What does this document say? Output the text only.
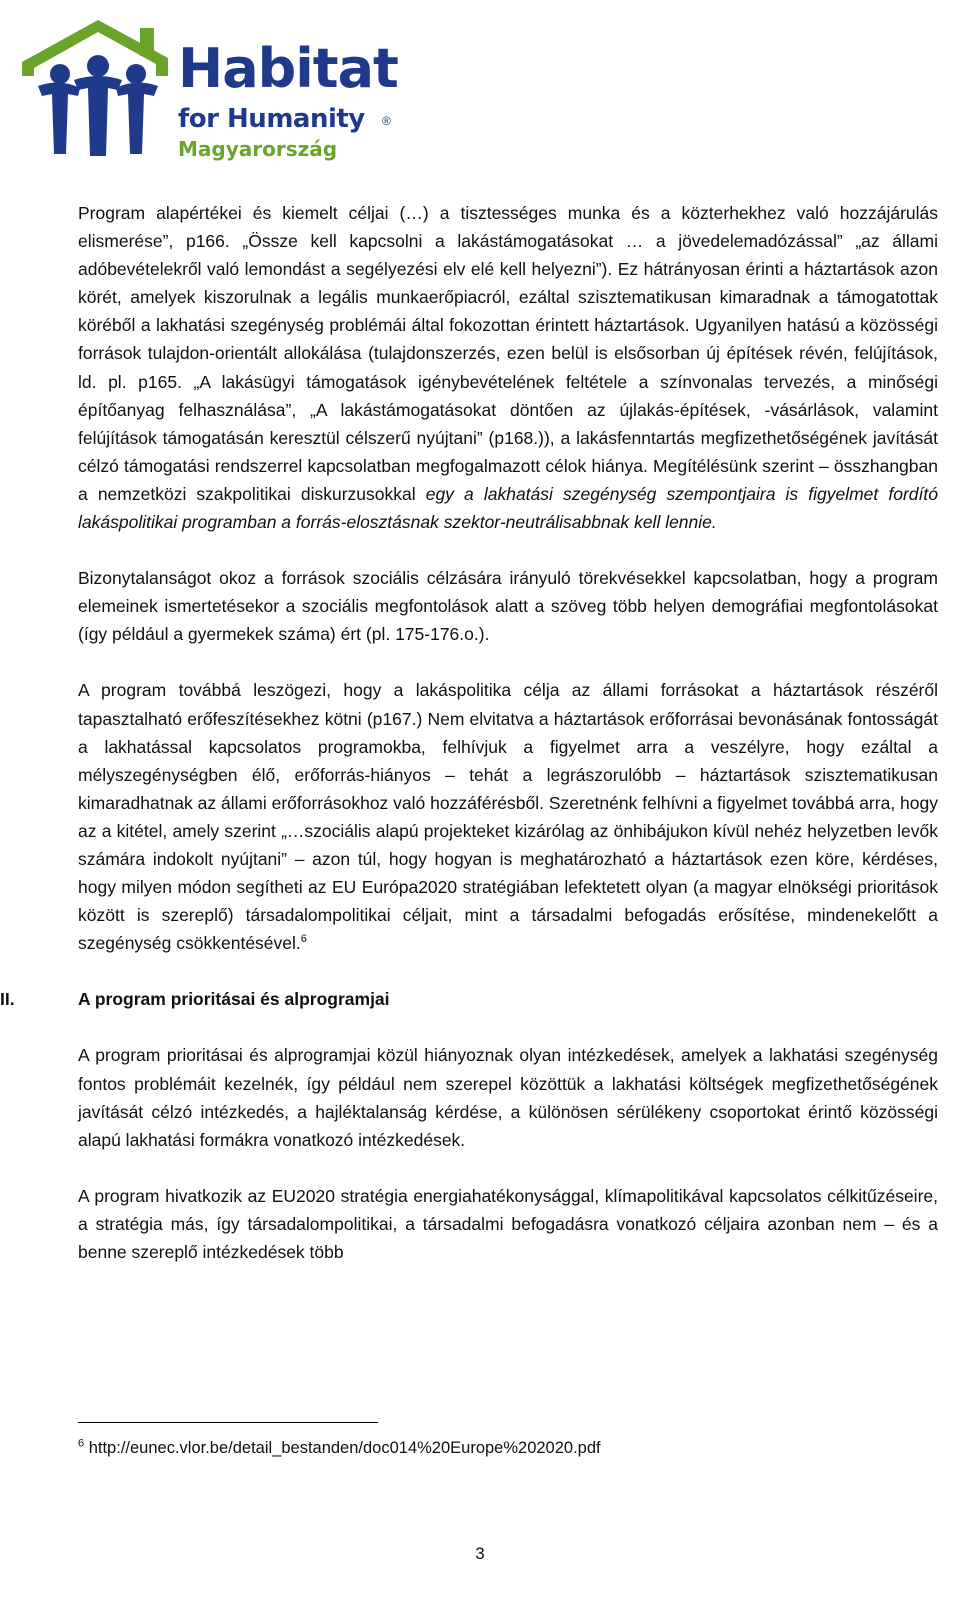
Habitat
for Humanity ®
Magyarország

Program alapértékei és kiemelt céljai (…) a tisztességes munka és a közterhekhez való hozzájárulás elismerése”, p166. „Össze kell kapcsolni a lakástámogatásokat … a jövedelemadózással” „az állami adóbevételekről való lemondást a segélyezési elv elé kell helyezni”). Ez hátrányosan érinti a háztartások azon körét, amelyek kiszorulnak a legális munkaerőpiacról, ezáltal szisztematikusan kimaradnak a támogatottak köréből a lakhatási szegénység problémái által fokozottan érintett háztartások. Ugyanilyen hatású a közösségi források tulajdon-orientált allokálása (tulajdonszerzés, ezen belül is elsősorban új építések révén, felújítások, ld. pl. p165. „A lakásügyi támogatások igénybevételének feltétele a színvonalas tervezés, a minőségi építőanyag felhasználása”, „A lakástámogatásokat döntően az újlakás-építések, -vásárlások, valamint felújítások támogatásán keresztül célszerű nyújtani” (p168.)), a lakásfenntartás megfizethetőségének javítását célzó támogatási rendszerrel kapcsolatban megfogalmazott célok hiánya. Megítélésünk szerint – összhangban a nemzetközi szakpolitikai diskurzusokkal egy a lakhatási szegénység szempontjaira is figyelmet fordító lakáspolitikai programban a forrás-elosztásnak szektor-neutrálisabbnak kell lennie.

Bizonytalanságot okoz a források szociális célzására irányuló törekvésekkel kapcsolatban, hogy a program elemeinek ismertetésekor a szociális megfontolások alatt a szöveg több helyen demográfiai megfontolásokat (így például a gyermekek száma) ért (pl. 175-176.o.).

A program továbbá leszögezi, hogy a lakáspolitika célja az állami forrásokat a háztartások részéről tapasztalható erőfeszítésekhez kötni (p167.) Nem elvitatva a háztartások erőforrásai bevonásának fontosságát a lakhatással kapcsolatos programokba, felhívjuk a figyelmet arra a veszélyre, hogy ezáltal a mélyszegénységben élő, erőforrás-hiányos – tehát a legrászorulóbb – háztartások szisztematikusan kimaradhatnak az állami erőforrásokhoz való hozzáférésből. Szeretnénk felhívni a figyelmet továbbá arra, hogy az a kitétel, amely szerint „…szociális alapú projekteket kizárólag az önhibájukon kívül nehéz helyzetben levők számára indokolt nyújtani” – azon túl, hogy hogyan is meghatározható a háztartások ezen köre, kérdéses, hogy milyen módon segítheti az EU Európa2020 stratégiában lefektetett olyan (a magyar elnökségi prioritások között is szereplő) társadalompolitikai céljait, mint a társadalmi befogadás erősítése, mindenekelőtt a szegénység csökkentésével.$^6$

II.	A program prioritásai és alprogramjai

A program prioritásai és alprogramjai közül hiányoznak olyan intézkedések, amelyek a lakhatási szegénység fontos problémáit kezelnék, így például nem szerepel közöttük a lakhatási költségek megfizethetőségének javítását célzó intézkedés, a hajléktalanság kérdése, a különösen sérülékeny csoportokat érintő közösségi alapú lakhatási formákra vonatkozó intézkedések.

A program hivatkozik az EU2020 stratégia energiahatékonysággal, klímapolitikával kapcsolatos célkitűzéseire, a stratégia más, így társadalompolitikai, a társadalmi befogadásra vonatkozó céljaira azonban nem – és a benne szereplő intézkedések több

$^6$ http://eunec.vlor.be/detail_bestanden/doc014%20Europe%202020.pdf
3
